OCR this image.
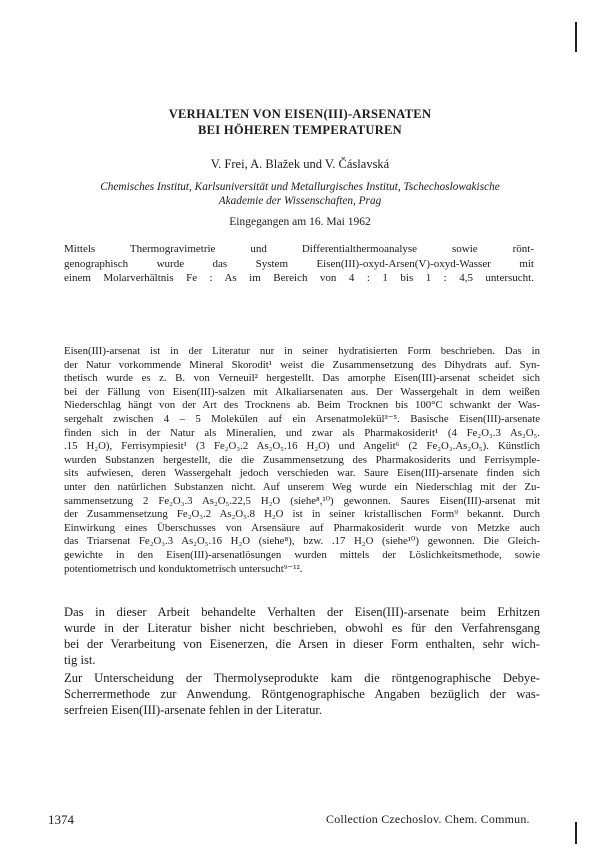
VERHALTEN VON EISEN(III)-ARSENATEN
BEI HÖHEREN TEMPERATUREN
V. Frei, A. Blažek und V. Čáslavská
Chemisches Institut, Karlsuniversität und Metallurgisches Institut, Tschechoslowakische
Akademie der Wissenschaften, Prag
Eingegangen am 16. Mai 1962
Mittels Thermogravimetrie und Differentialthermoanalyse sowie rönt-
genographisch wurde das System Eisen(III)-oxyd-Arsen(V)-oxyd-Wasser mit
einem Molarverhältnis Fe : As im Bereich von 4 : 1 bis 1 : 4,5 untersucht.
Eisen(III)-arsenat ist in der Literatur nur in seiner hydratisierten Form beschrieben. Das in
der Natur vorkommende Mineral Skorodit¹ weist die Zusammensetzung des Dihydrats auf. Syn-
thetisch wurde es z. B. von Verneuil² hergestellt. Das amorphe Eisen(III)-arsenat scheidet sich
bei der Fällung von Eisen(III)-salzen mit Alkaliarsenaten aus. Der Wassergehalt in dem weißen
Niederschlag hängt von der Art des Trocknens ab. Beim Trocknen bis 100°C schwankt der Was-
sergehalt zwischen 4 – 5 Molekülen auf ein Arsenatmolekül³⁻⁵. Basische Eisen(III)-arsenate
finden sich in der Natur als Mineralien, und zwar als Pharmakosiderit¹ (4 Fe₂O₃.3 As₂O₅.
.15 H₂O), Ferrisympiesit¹ (3 Fe₂O₃.2 As₂O₅.16 H₂O) und Angelit⁶ (2 Fe₂O₃.As₂O₅). Künstlich
wurden Substanzen hergestellt, die die Zusammensetzung des Pharmakosiderits und Ferrisymple-
sits aufwiesen, deren Wassergehalt jedoch verschieden war. Saure Eisen(III)-arsenate finden sich
unter den natürlichen Substanzen nicht. Auf unserem Weg wurde ein Niederschlag mit der Zu-
sammensetzung 2 Fe₂O₃.3 As₂O₅.22,5 H₂O (siehe⁸,¹⁰) gewonnen. Saures Eisen(III)-arsenat mit
der Zusammensetzung Fe₂O₃.2 As₂O₅.8 H₂O ist in seiner kristallischen Form⁹ bekannt. Durch
Einwirkung eines Überschusses von Arsensäure auf Pharmakosiderit wurde von Metzke auch
das Triarsenat Fe₂O₃.3 As₂O₅.16 H₂O (siehe⁸), bzw. .17 H₂O (siehe¹⁰) gewonnen. Die Gleich-
gewichte in den Eisen(III)-arsenatlösungen wurden mittels der Löslichkeitsmethode, sowie
potentiometrisch und konduktometrisch untersucht⁹⁻¹².
Das in dieser Arbeit behandelte Verhalten der Eisen(III)-arsenate beim Erhitzen
wurde in der Literatur bisher nicht beschrieben, obwohl es für den Verfahrensgang
bei der Verarbeitung von Eisenerzen, die Arsen in dieser Form enthalten, sehr wich-
tig ist.
Zur Unterscheidung der Thermolyseprodukte kam die röntgenographische Debye-
Scherrermethode zur Anwendung. Röntgenographische Angaben bezüglich der was-
serfreien Eisen(III)-arsenate fehlen in der Literatur.
1374	Collection Czechoslov. Chem. Commun.
